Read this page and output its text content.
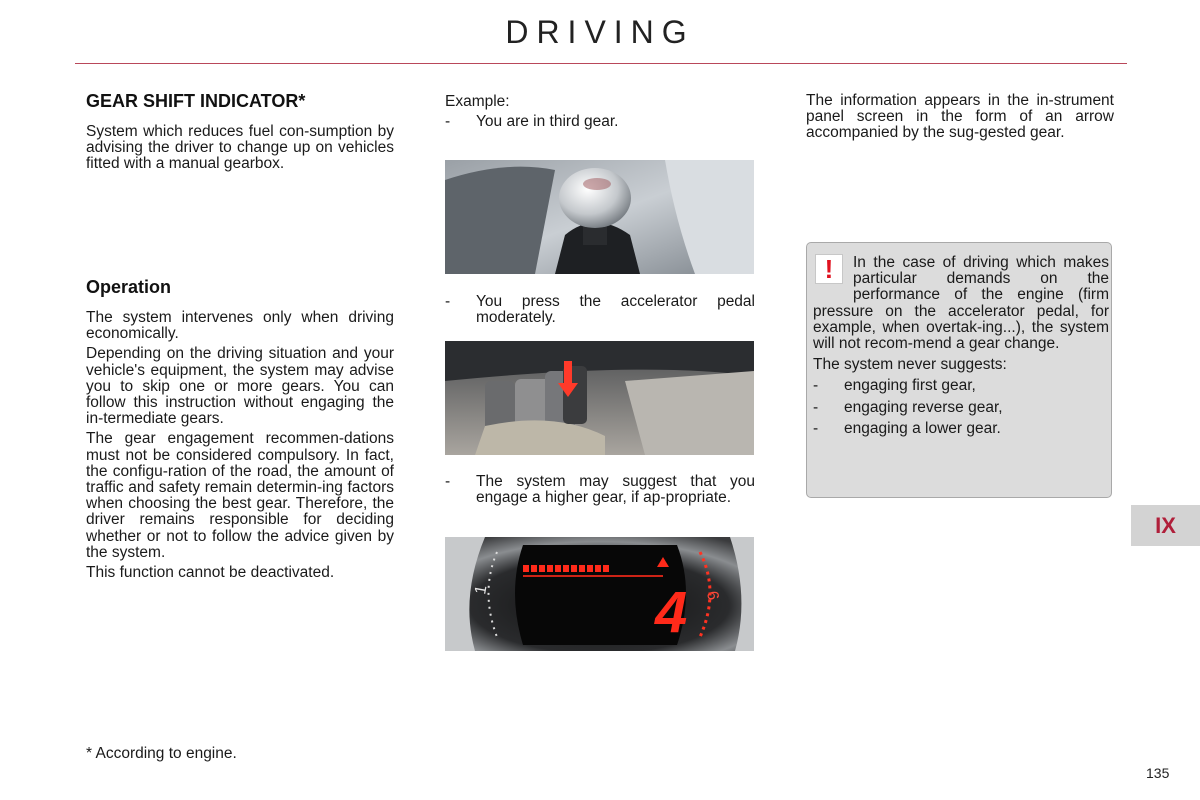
DRIVING
GEAR SHIFT INDICATOR*
System which reduces fuel con-sumption by advising the driver to change up on vehicles fitted with a manual gearbox.
Operation

The system intervenes only when driving economically.

Depending on the driving situation and your vehicle's equipment, the system may advise you to skip one or more gears. You can follow this instruction without engaging the in-termediate gears.

The gear engagement recommen-dations must not be considered compulsory. In fact, the configu-ration of the road, the amount of traffic and safety remain determin-ing factors when choosing the best gear. Therefore, the driver remains responsible for deciding whether or not to follow the advice given by the system.

This function cannot be deactivated.

* According to engine.
Example:
-	You are in third gear.
-	You press the accelerator pedal moderately.
-	The system may suggest that you engage a higher gear, if ap-propriate.
4
1	6
The information appears in the in-strument panel screen in the form of an arrow accompanied by the sug-gested gear.
!	In the case of driving which makes particular demands on the performance of the engine (firm pressure on the accelerator pedal, for example, when overtak-ing...), the system will not recom-mend a gear change.

The system never suggests:

-	engaging first gear,
-	engaging reverse gear,
-	engaging a lower gear.
IX
135
